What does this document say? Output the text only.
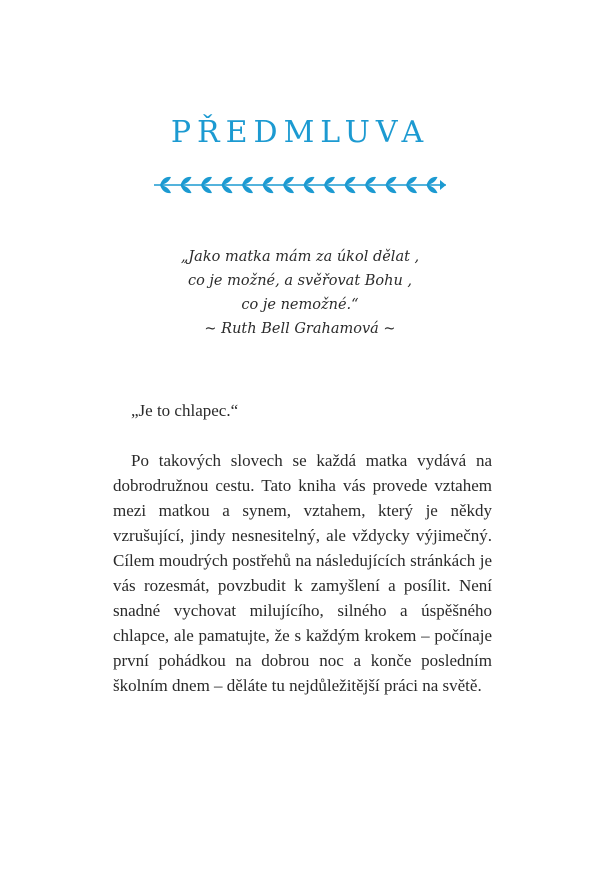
PŘEDMLUVA
„Jako matka mám za úkol dělat ,
co je možné, a svěřovat Bohu ,
co je nemožné.“
~ Ruth Bell Grahamová ~

„Je to chlapec.“

Po takových slovech se každá matka vydává na dobrodružnou cestu. Tato kniha vás provede vztahem mezi matkou a synem, vztahem, který je někdy vzrušující, jindy nesnesitelný, ale vždycky výjimečný. Cílem moudrých postřehů na následujících stránkách je vás rozesmát, povzbudit k zamyšlení a posílit. Není snadné vychovat milujícího, silného a úspěšného chlapce, ale pamatujte, že s každým krokem – počínaje první pohádkou na dobrou noc a konče posledním školním dnem – děláte tu nejdůležitější práci na světě.
